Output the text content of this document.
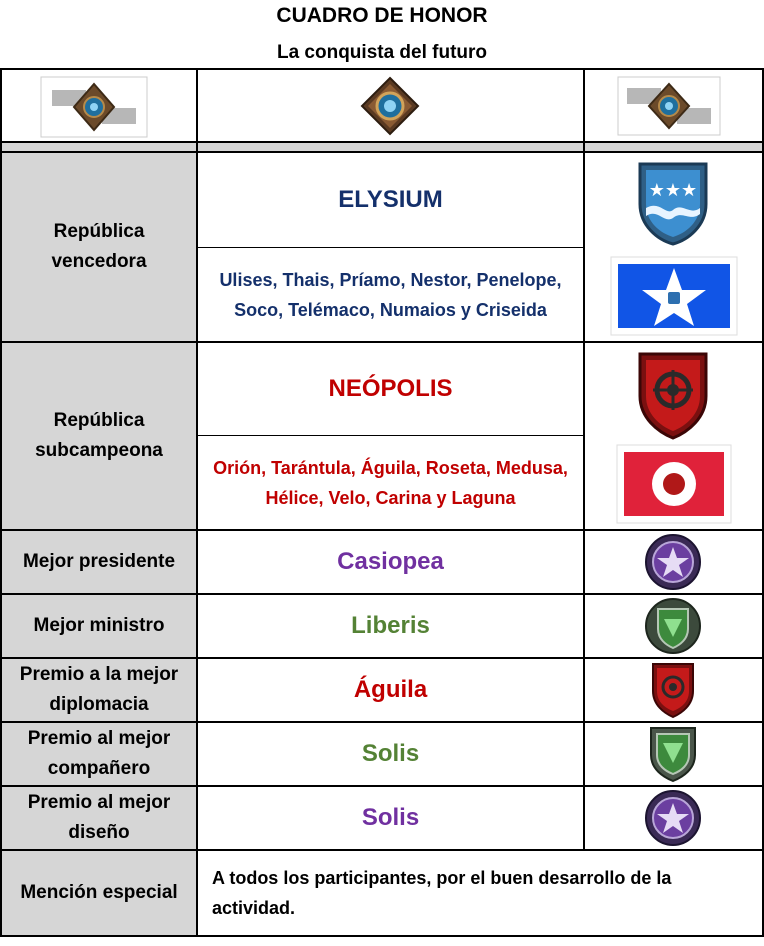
CUADRO DE HONOR
La conquista del futuro
República vencedora
ELYSIUM
Ulises, Thais, Príamo, Nestor, Penelope, Soco, Telémaco, Numaios y Criseida
★★★
República subcampeona
NEÓPOLIS
Orión, Tarántula, Águila, Roseta, Medusa, Hélice, Velo, Carina y Laguna
Mejor presidente	Casiopea
Mejor ministro	Liberis
Premio a la mejor diplomacia
Águila
Premio al mejor compañero
Solis
Premio al mejor diseño
Solis
Mención especial
A todos los participantes, por el buen desarrollo de la actividad.
